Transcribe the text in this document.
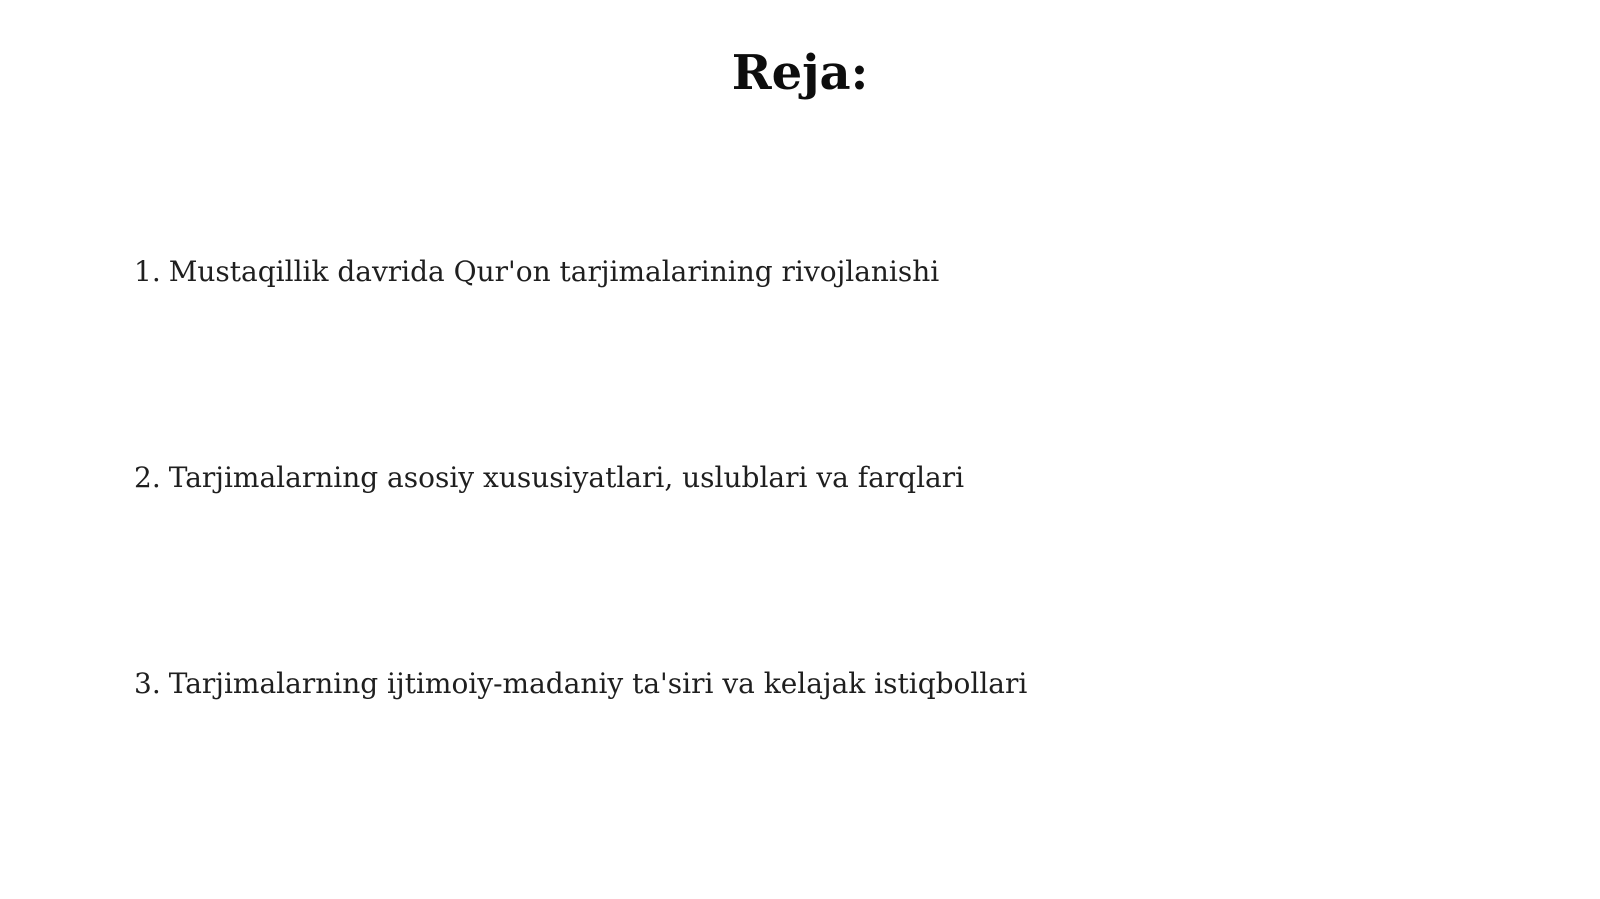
Reja:
1. Mustaqillik davrida Qur'on tarjimalarining rivojlanishi
2. Tarjimalarning asosiy xususiyatlari, uslublari va farqlari
3. Tarjimalarning ijtimoiy-madaniy ta'siri va kelajak istiqbollari
